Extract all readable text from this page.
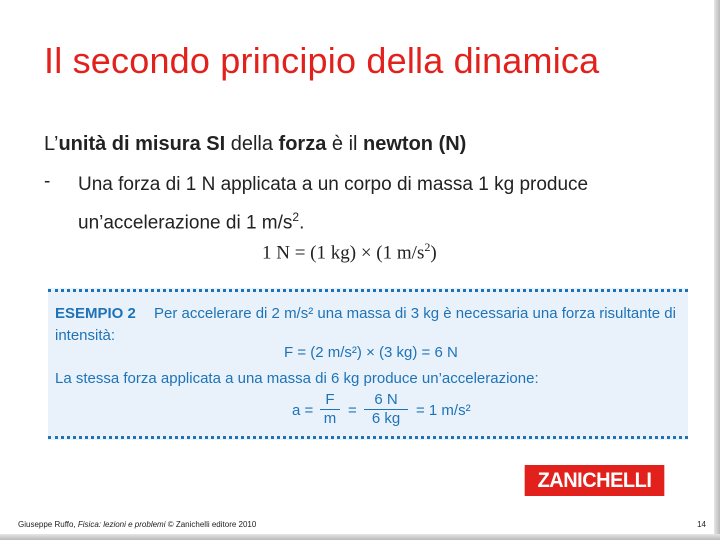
Il secondo principio della dinamica
L’unità di misura SI della forza è il newton (N)
- Una forza di 1 N applicata a un corpo di massa 1 kg produce un’accelerazione di 1 $m/s^2$.
1 N = (1 kg) × (1 $m/s^2$)
ESEMPIO 2 Per accelerare di 2 m/s² una massa di 3 kg è necessaria una forza risultante di
intensità:
F = (2 m/s²) × (3 kg) = 6 N
La stessa forza applicata a una massa di 6 kg produce un’accelerazione:
$a = \frac{F}{m} = \frac{6 N}{6 kg} = 1$ m/s²
ZANICHELLI
Giuseppe Ruffo, Fisica: lezioni e problemi © Zanichelli editore 2010	14
